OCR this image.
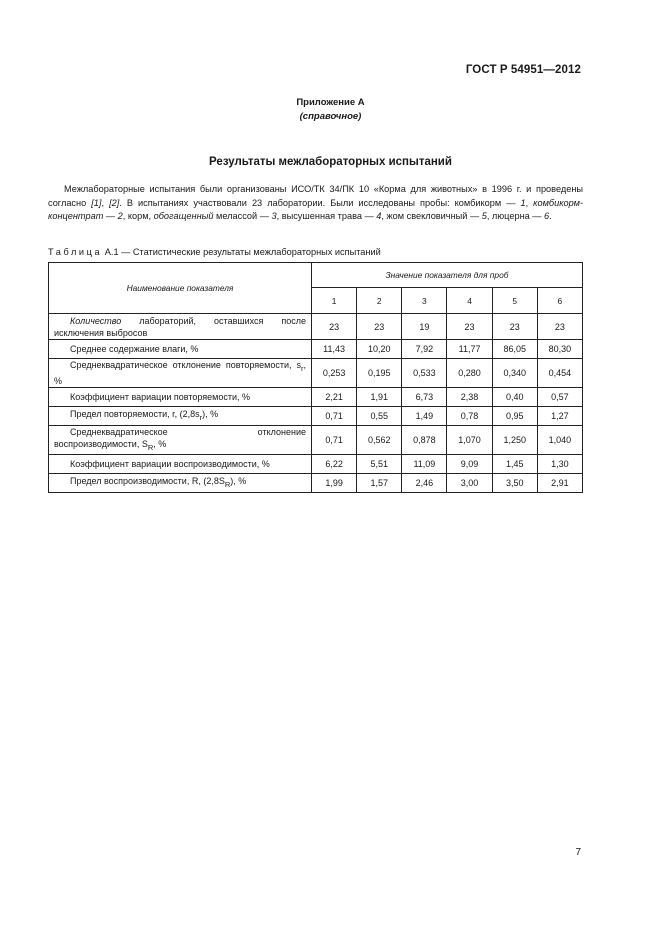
ГОСТ Р 54951—2012
Приложение А
(справочное)
Результаты межлабораторных испытаний

Межлабораторные испытания были организованы ИСО/ТК 34/ПК 10 «Корма для животных» в 1996 г. и проведены согласно [1], [2]. В испытаниях участвовали 23 лаборатории. Были исследованы пробы: комбикорм — 1, комбикорм-концентрат — 2, корм, обогащенный мелассой — 3, высушенная трава — 4, жом свекловичный — 5, люцерна — 6.

Таблица А.1 — Статистические результаты межлабораторных испытаний
Наименование показателя	Значение показателя для проб					
	1	2	3	4	5	6
Количество лабораторий, оставшихся после исключения выбросов	23	23	19	23	23	23
Среднее содержание влаги, %	11,43	10,20	7,92	11,77	86,05	80,30
Среднеквадратическое отклонение повторяемости, $s_r$, %	0,253	0,195	0,533	0,280	0,340	0,454
Коэффициент вариации повторяемости, %	2,21	1,91	6,73	2,38	0,40	0,57
Предел повторяемости, r, $(2,8s_r)$, %	0,71	0,55	1,49	0,78	0,95	1,27
Среднеквадратическое отклонение воспроизводимости, $S_R$, %	0,71	0,562	0,878	1,070	1,250	1,040
Коэффициент вариации воспроизводимости, %	6,22	5,51	11,09	9,09	1,45	1,30
Предел воспроизводимости, R, $(2,8S_R)$, %	1,99	1,57	2,46	3,00	3,50	2,91
7
